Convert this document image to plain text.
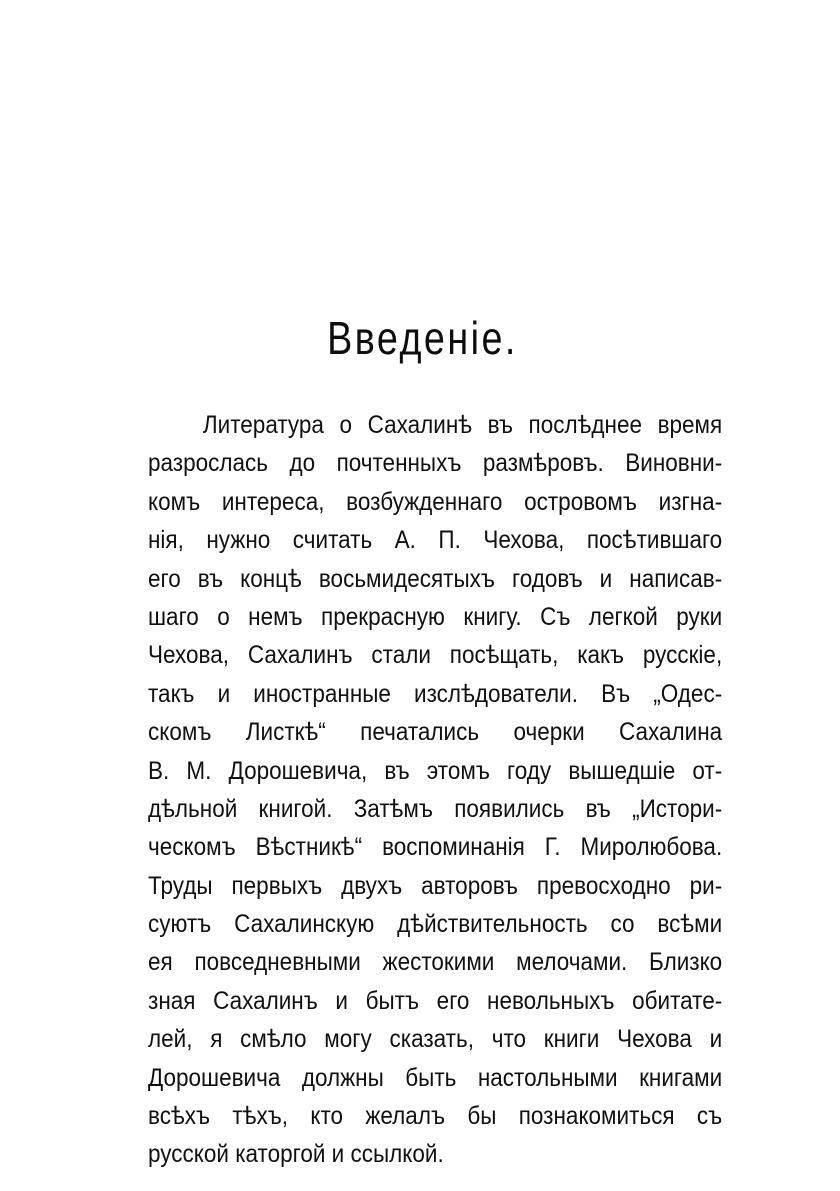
Введеніе.
Литература о Сахалинѣ въ послѣднее время
разрослась до почтенныхъ размѣровъ. Виновни-
комъ интереса, возбужденнаго островомъ изгна-
нія, нужно считать А. П. Чехова, посѣтившаго
его въ концѣ восьмидесятыхъ годовъ и написав-
шаго о немъ прекрасную книгу. Съ легкой руки
Чехова, Сахалинъ стали посѣщать, какъ русскіе,
такъ и иностранные изслѣдователи. Въ „Одес-
скомъ Листкѣ“ печатались очерки Сахалина
В. М. Дорошевича, въ этомъ году вышедшіе от-
дѣльной книгой. Затѣмъ появились въ „Истори-
ческомъ Вѣстникѣ“ воспоминанія Г. Миролюбова.
Труды первыхъ двухъ авторовъ превосходно ри-
суютъ Сахалинскую дѣйствительность со всѣми
ея повседневными жестокими мелочами. Близко
зная Сахалинъ и бытъ его невольныхъ обитате-
лей, я смѣло могу сказать, что книги Чехова и
Дорошевича должны быть настольными книгами
всѣхъ тѣхъ, кто желалъ бы познакомиться съ
русской каторгой и ссылкой.
